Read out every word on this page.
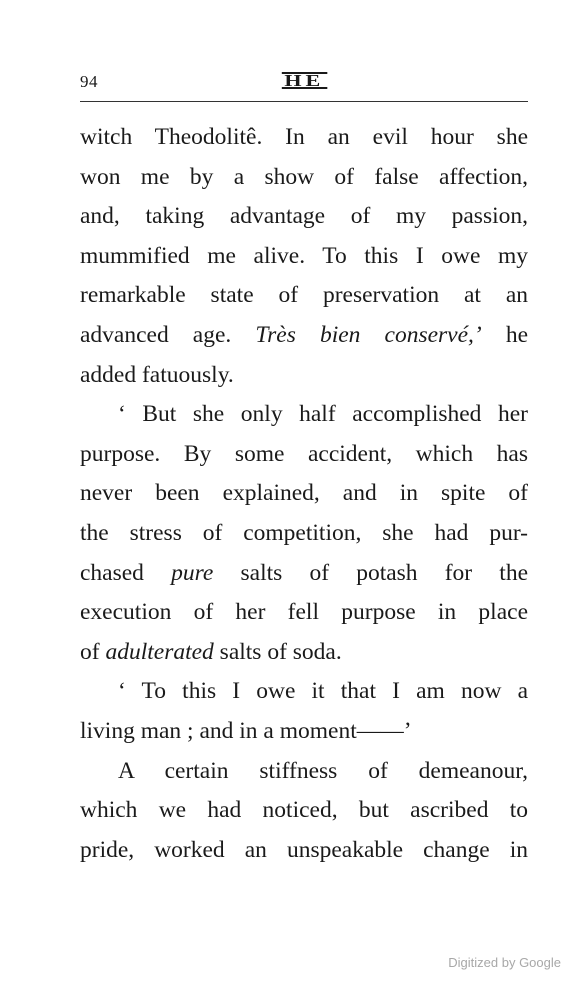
94	HE
witch Theodolitê. In an evil hour she
won me by a show of false affection,
and, taking advantage of my passion,
mummified me alive. To this I owe my
remarkable state of preservation at an
advanced age. Très bien conservé,’ he
added fatuously.
‘ But she only half accomplished her
purpose. By some accident, which has
never been explained, and in spite of
the stress of competition, she had pur-
chased pure salts of potash for the
execution of her fell purpose in place
of adulterated salts of soda.
‘ To this I owe it that I am now a
living man ; and in a moment——’
A certain stiffness of demeanour,
which we had noticed, but ascribed to
pride, worked an unspeakable change in
Digitized by Google
